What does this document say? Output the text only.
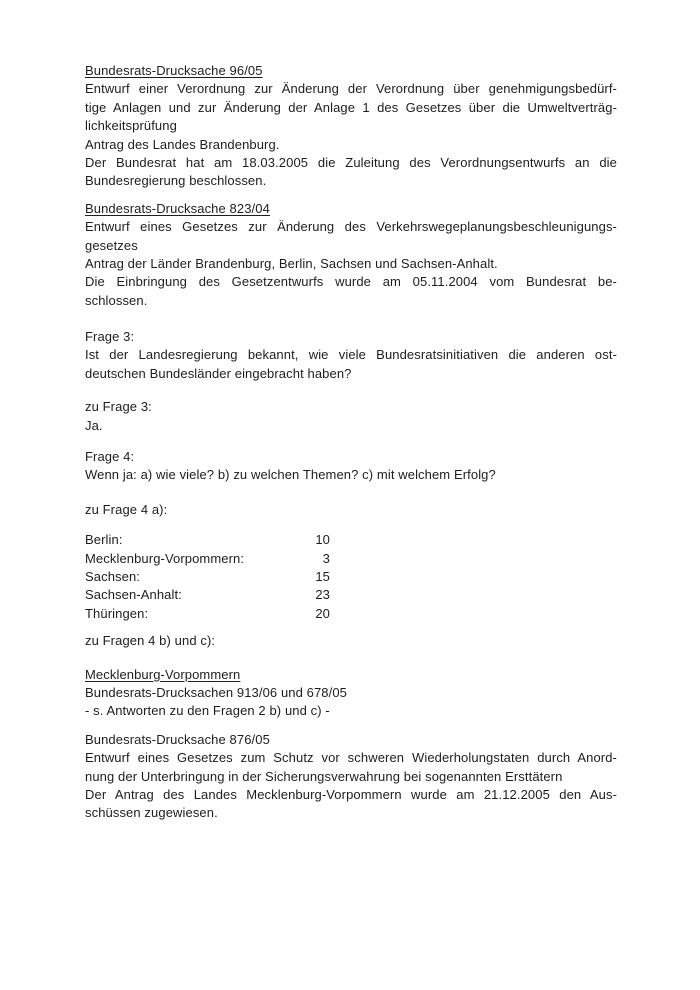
Bundesrats-Drucksache 96/05
Entwurf einer Verordnung zur Änderung der Verordnung über genehmigungsbedürf-
tige Anlagen und zur Änderung der Anlage 1 des Gesetzes über die Umweltverträg-
lichkeitsprüfung
Antrag des Landes Brandenburg.
Der Bundesrat hat am 18.03.2005 die Zuleitung des Verordnungsentwurfs an die
Bundesregierung beschlossen.
Bundesrats-Drucksache 823/04
Entwurf eines Gesetzes zur Änderung des Verkehrswegeplanungsbeschleunigungs-
gesetzes
Antrag der Länder Brandenburg, Berlin, Sachsen und Sachsen-Anhalt.
Die Einbringung des Gesetzentwurfs wurde am 05.11.2004 vom Bundesrat be-
schlossen.
Frage 3:
Ist der Landesregierung bekannt, wie viele Bundesratsinitiativen die anderen ost-
deutschen Bundesländer eingebracht haben?
zu Frage 3:
Ja.
Frage 4:
Wenn ja: a) wie viele? b) zu welchen Themen? c) mit welchem Erfolg?
zu Frage 4 a):
Berlin:	10
Mecklenburg-Vorpommern:	3
Sachsen:	15
Sachsen-Anhalt:	23
Thüringen:	20
zu Fragen 4 b) und c):
Mecklenburg-Vorpommern
Bundesrats-Drucksachen 913/06 und 678/05
- s. Antworten zu den Fragen 2 b) und c) -
Bundesrats-Drucksache 876/05
Entwurf eines Gesetzes zum Schutz vor schweren Wiederholungstaten durch Anord-
nung der Unterbringung in der Sicherungsverwahrung bei sogenannten Ersttätern
Der Antrag des Landes Mecklenburg-Vorpommern wurde am 21.12.2005 den Aus-
schüssen zugewiesen.
